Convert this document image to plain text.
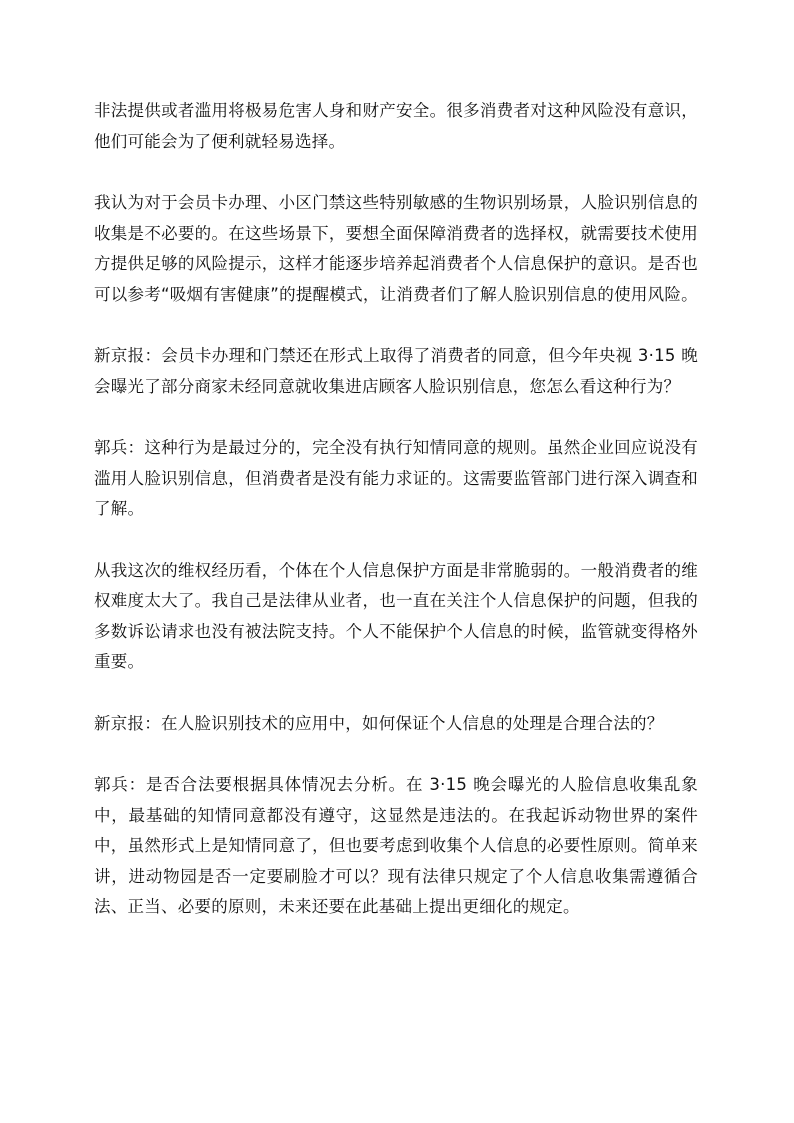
非法提供或者滥用将极易危害人身和财产安全。很多消费者对这种风险没有意识，他们可能会为了便利就轻易选择。

我认为对于会员卡办理、小区门禁这些特别敏感的生物识别场景，人脸识别信息的收集是不必要的。在这些场景下，要想全面保障消费者的选择权，就需要技术使用方提供足够的风险提示，这样才能逐步培养起消费者个人信息保护的意识。是否也可以参考“吸烟有害健康”的提醒模式，让消费者们了解人脸识别信息的使用风险。

新京报：会员卡办理和门禁还在形式上取得了消费者的同意，但今年央视 3·15 晚会曝光了部分商家未经同意就收集进店顾客人脸识别信息，您怎么看这种行为？

郭兵：这种行为是最过分的，完全没有执行知情同意的规则。虽然企业回应说没有滥用人脸识别信息，但消费者是没有能力求证的。这需要监管部门进行深入调查和了解。

从我这次的维权经历看，个体在个人信息保护方面是非常脆弱的。一般消费者的维权难度太大了。我自己是法律从业者，也一直在关注个人信息保护的问题，但我的多数诉讼请求也没有被法院支持。个人不能保护个人信息的时候，监管就变得格外重要。

新京报：在人脸识别技术的应用中，如何保证个人信息的处理是合理合法的？

郭兵：是否合法要根据具体情况去分析。在 3·15 晚会曝光的人脸信息收集乱象中，最基础的知情同意都没有遵守，这显然是违法的。在我起诉动物世界的案件中，虽然形式上是知情同意了，但也要考虑到收集个人信息的必要性原则。简单来讲，进动物园是否一定要刷脸才可以？现有法律只规定了个人信息收集需遵循合法、正当、必要的原则，未来还要在此基础上提出更细化的规定。
